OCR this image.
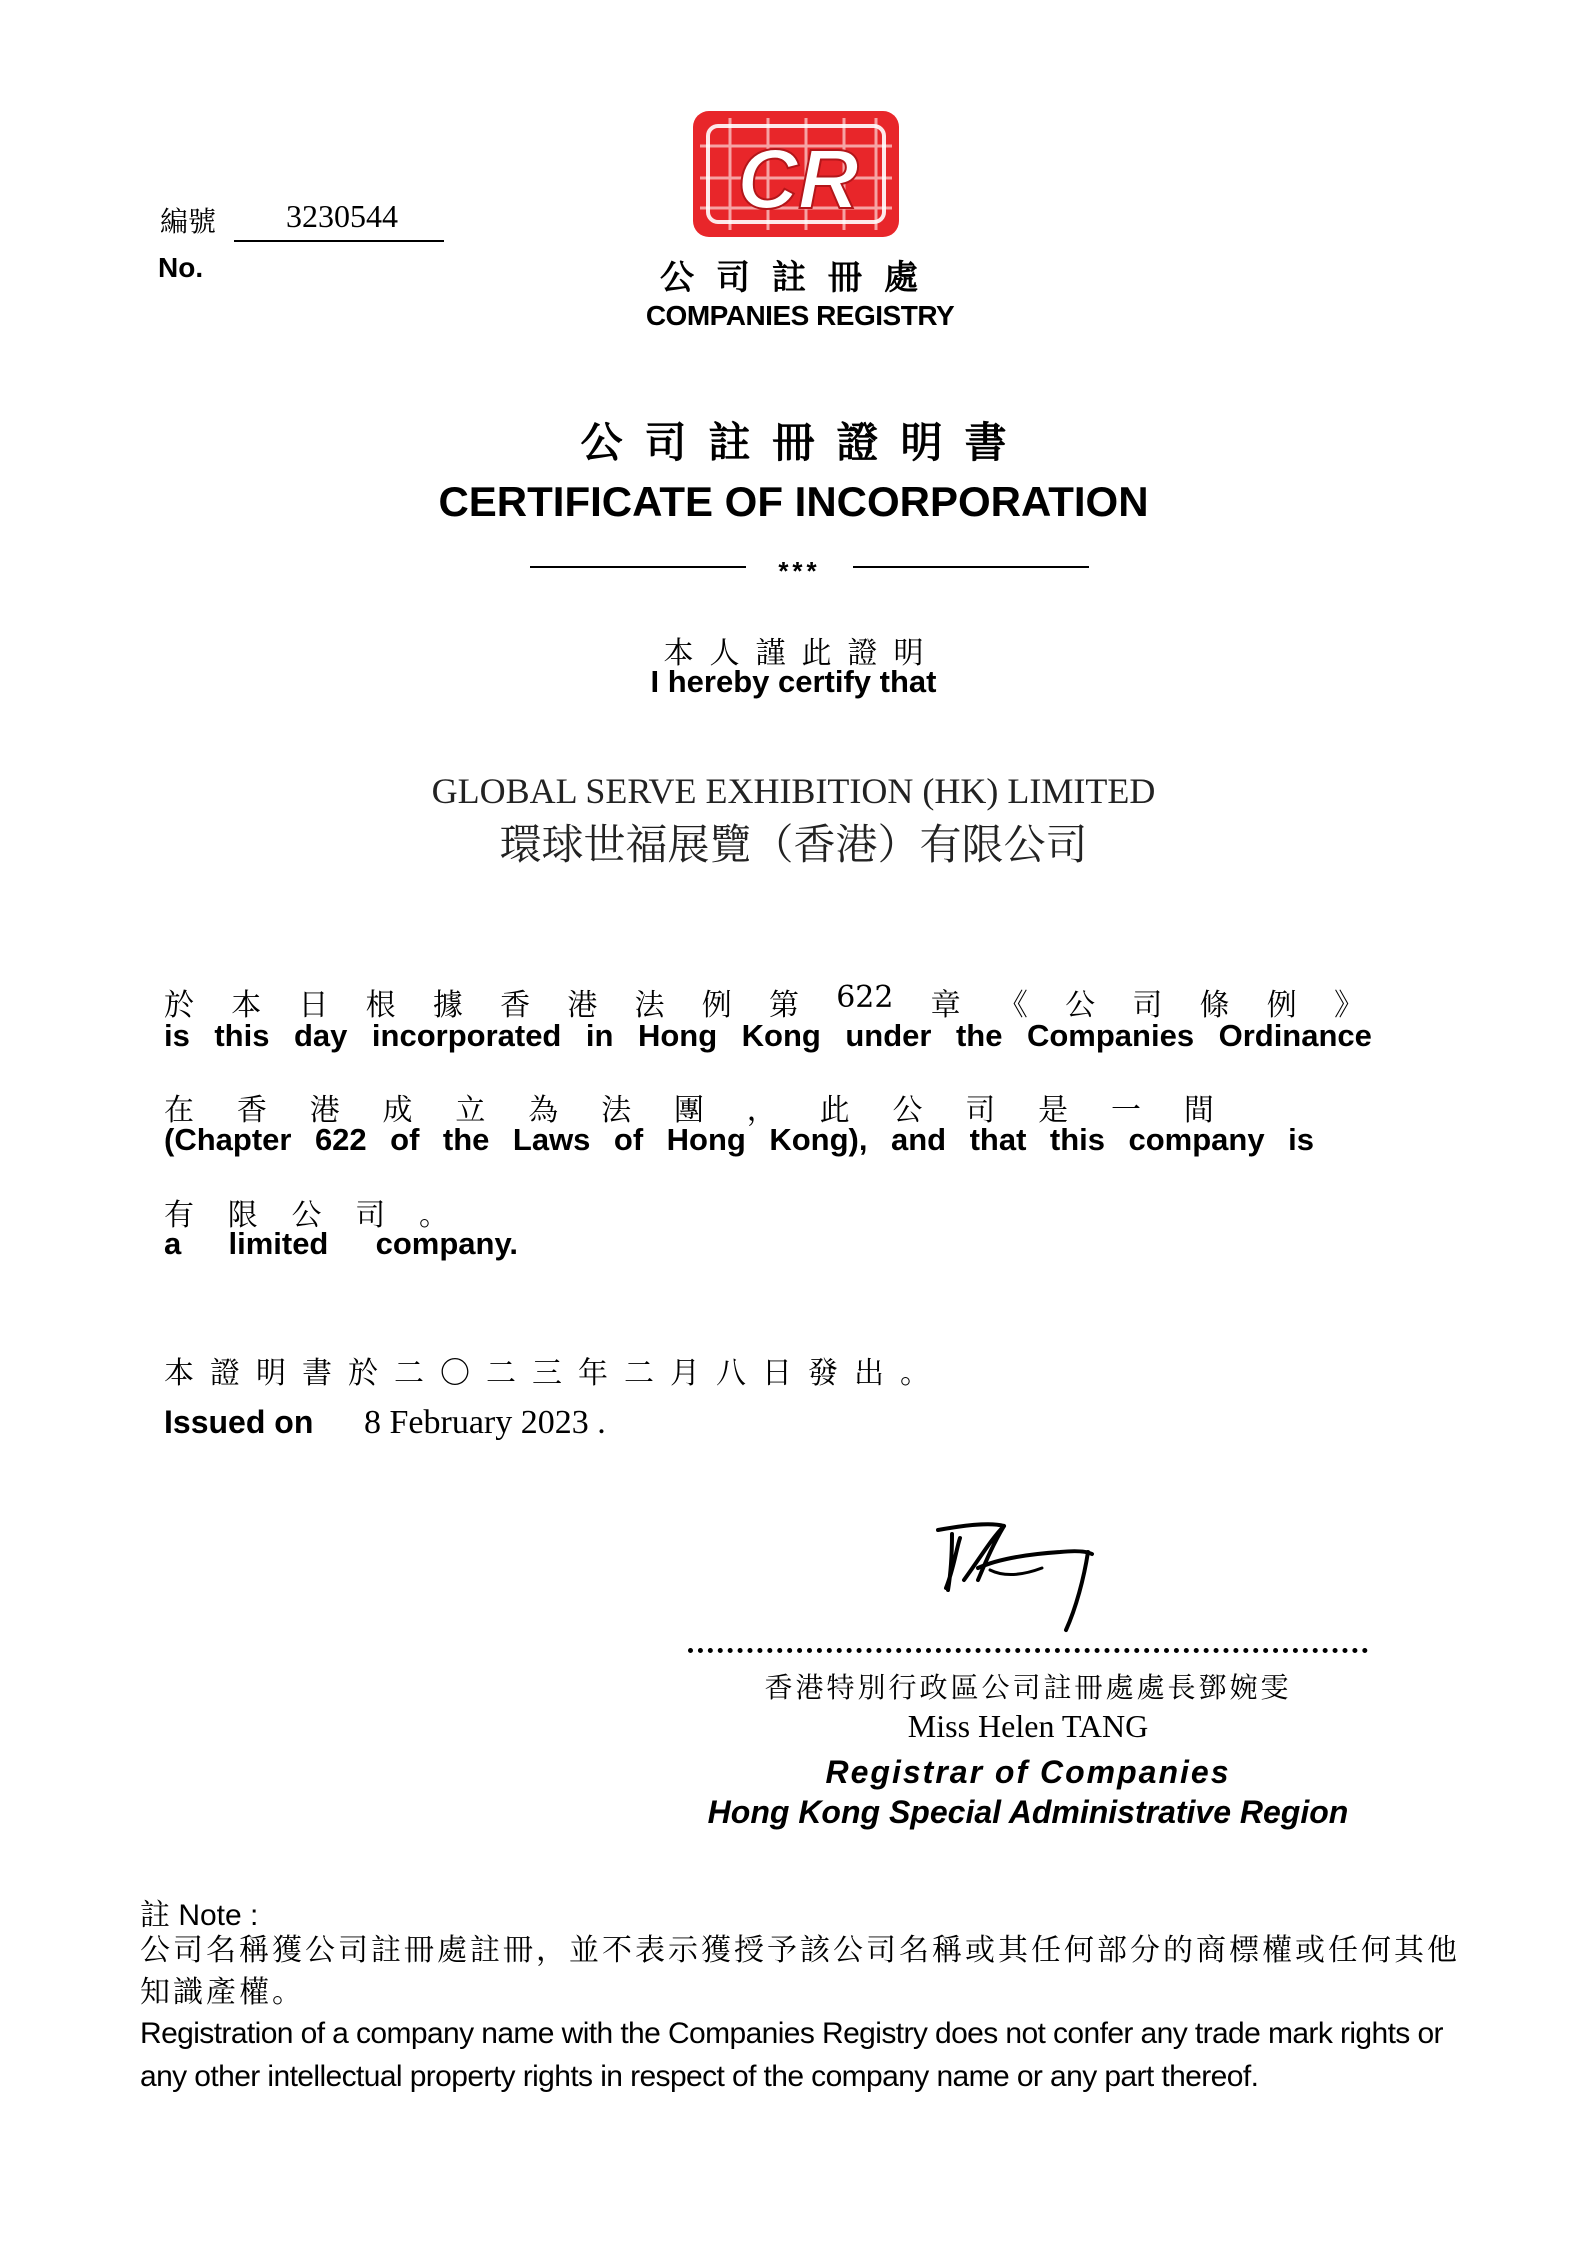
編號	3230544
No.
CR
公司註冊處
COMPANIES REGISTRY
公司註冊證明書
CERTIFICATE OF INCORPORATION
***
本人謹此證明
I hereby certify that
GLOBAL SERVE EXHIBITION (HK) LIMITED
環球世福展覽（香港）有限公司
於 本 日 根 據 香 港 法 例 第 622 章 《 公 司 條 例 》
is this day incorporated in Hong Kong under the Companies Ordinance
在 香 港 成 立 為 法 團 ， 此 公 司 是 一 間
(Chapter 622 of the Laws of Hong Kong), and that this company is
有 限 公 司 。
a limited company.
本證明書於二〇二三年二月八日發出。
Issued on 8 February 2023 .
香港特別行政區公司註冊處處長鄧婉雯
Miss Helen TANG
Registrar of Companies
Hong Kong Special Administrative Region
註 Note :
公司名稱獲公司註冊處註冊，並不表示獲授予該公司名稱或其任何部分的商標權或任何其他知識產權。
Registration of a company name with the Companies Registry does not confer any trade mark rights or any other intellectual property rights in respect of the company name or any part thereof.
